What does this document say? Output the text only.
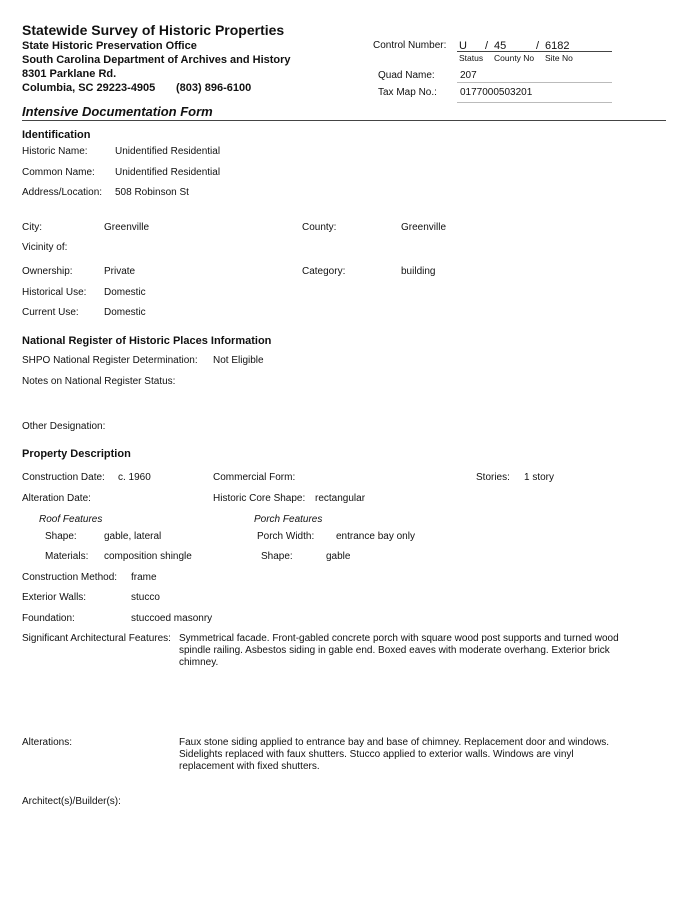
Statewide Survey of Historic Properties
State Historic Preservation Office
South Carolina Department of Archives and History
8301 Parklane Rd.
Columbia, SC 29223-4905 (803) 896-6100
Control Number: U / 45	/ 6182
Status County No Site No
Quad Name:	207
Tax Map No.: 0177000503201
Intensive Documentation Form
Identification
Historic Name:	Unidentified Residential
Common Name: Unidentified Residential
Address/Location: 508 Robinson St
City:	Greenville	County:	Greenville
Vicinity of:
Ownership:	Private	Category:	building
Historical Use: Domestic
Current Use:	Domestic
National Register of Historic Places Information
SHPO National Register Determination: Not Eligible
Notes on National Register Status:
Other Designation:
Property Description
Construction Date: c. 1960	Commercial Form:	Stories: 1 story
Alteration Date:	Historic Core Shape: rectangular
Roof Features	Porch Features
Shape:	gable, lateral	Porch Width: entrance bay only
Materials: composition shingle	Shape:	gable
Construction Method: frame
Exterior Walls:	stucco
Foundation:	stuccoed masonry
Significant Architectural Features: Symmetrical facade. Front-gabled concrete porch with square wood post supports and turned wood spindle railing. Asbestos siding in gable end. Boxed eaves with moderate overhang. Exterior brick chimney.
Alterations:	Faux stone siding applied to entrance bay and base of chimney. Replacement door and windows. Sidelights replaced with faux shutters. Stucco applied to exterior walls. Windows are vinyl replacement with fixed shutters.
Architect(s)/Builder(s):
